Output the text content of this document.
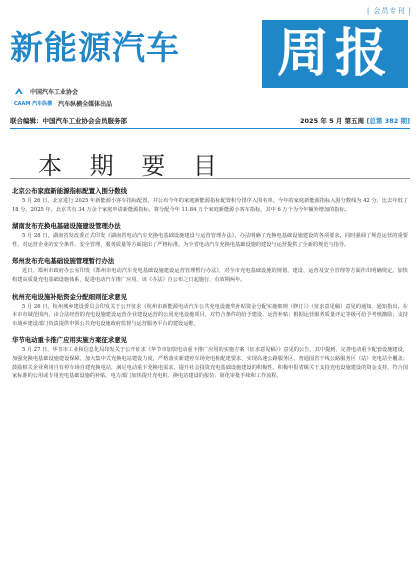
| 会员专刊 |
新能源汽车 周报
中国汽车工业协会
CAAM 汽车纵横 汽车纵横全媒体出品
联合编辑：中国汽车工业协会会员服务部	2025 年 5 月 第五周 [总第 382 期]
本 期 要 目
北京公布家庭新能源指标配置入围分数线

5 月 26 日，北京进行 2025 年新能源小客车指标配置，并公布今年的家庭新能源指标配置积分排序入围名单。今年的家庭新能源指标入围分数线为 42 分，比去年低了 18 分。2025 年，北京共有 34 万余个家庭申请新能源指标，将分配今年 11.84 万个家庭新能源小客车指标，其中 6 万个为今年额外增加的指标。

湖南发布充换电基础设施建设管理办法

5 月 28 日，湖南省发改委正式印发《湖南省电动汽车充换电基础设施建设与运营管理办法》，办法明确了充换电基础设施建设的各项要求，同时强调了规范运营的重要性，对运营企业的安全条件、安全管理、服务质量等方面提出了严格标准。为全省电动汽车充换电基础设施的建设与运营提供了全新的规范与指导。

郑州发布充电基础设施管理暂行办法

近日，郑州市政府办公室印发《郑州市电动汽车充电基础设施建设运营管理暂行办法》，对全市充电基础设施的规划、建设、运营及安全管理等方面作出明确规定。加快构建高质量充电基础设施体系，促进电动汽车推广应用。该《办法》自公布之日起施行，有效期两年。

杭州充电设施补贴资金分配细则征求意见

5 月 26 日，杭州城乡建设委员会印发关于公开征求《杭州市新能源电动汽车公共充电设施奖补贴资金分配实施细则（修订）》（征求意见稿）意见的通知。通知指出，在本市市域范围内，由合法经营的充电设施建设运营企业建设运营的公用充电设施项目，对符合条件的给予建设、运营补贴；根据运营服务质量评定等级可给予考核激励；支持市域乡建设部门负责提供申领公共充电设施政府监督与运营服务平台的建设运维。

华节电动重卡推广应用实施方案征求意见

5 月 27 日，华节市工业和信息化局印发关于公开征求《华节市加快电动重卡推广应用的实施方案（征求意见稿）》意见的公告，其中提到，完善电动重卡配套设施建设，加强充换电基础设施建设保障，加大集中式充换电站建设力度，严格落实新建停车场充电桩配建要求，实现高速公路服务区、普通国省干线公路服务区（站）充电站全覆盖；鼓励相关企业利用自有停车场自建充换电站，满足电动重卡充换电需求，提升社会投资充电基础设施建设的积极性。积极申报省级关于支持充电设施建设的资金支持，符合国家标准的公用或专用充电基础设施的补贴。电力部门加快提升充电桩、换电站建设的报装、简化审批手续和工作流程。
